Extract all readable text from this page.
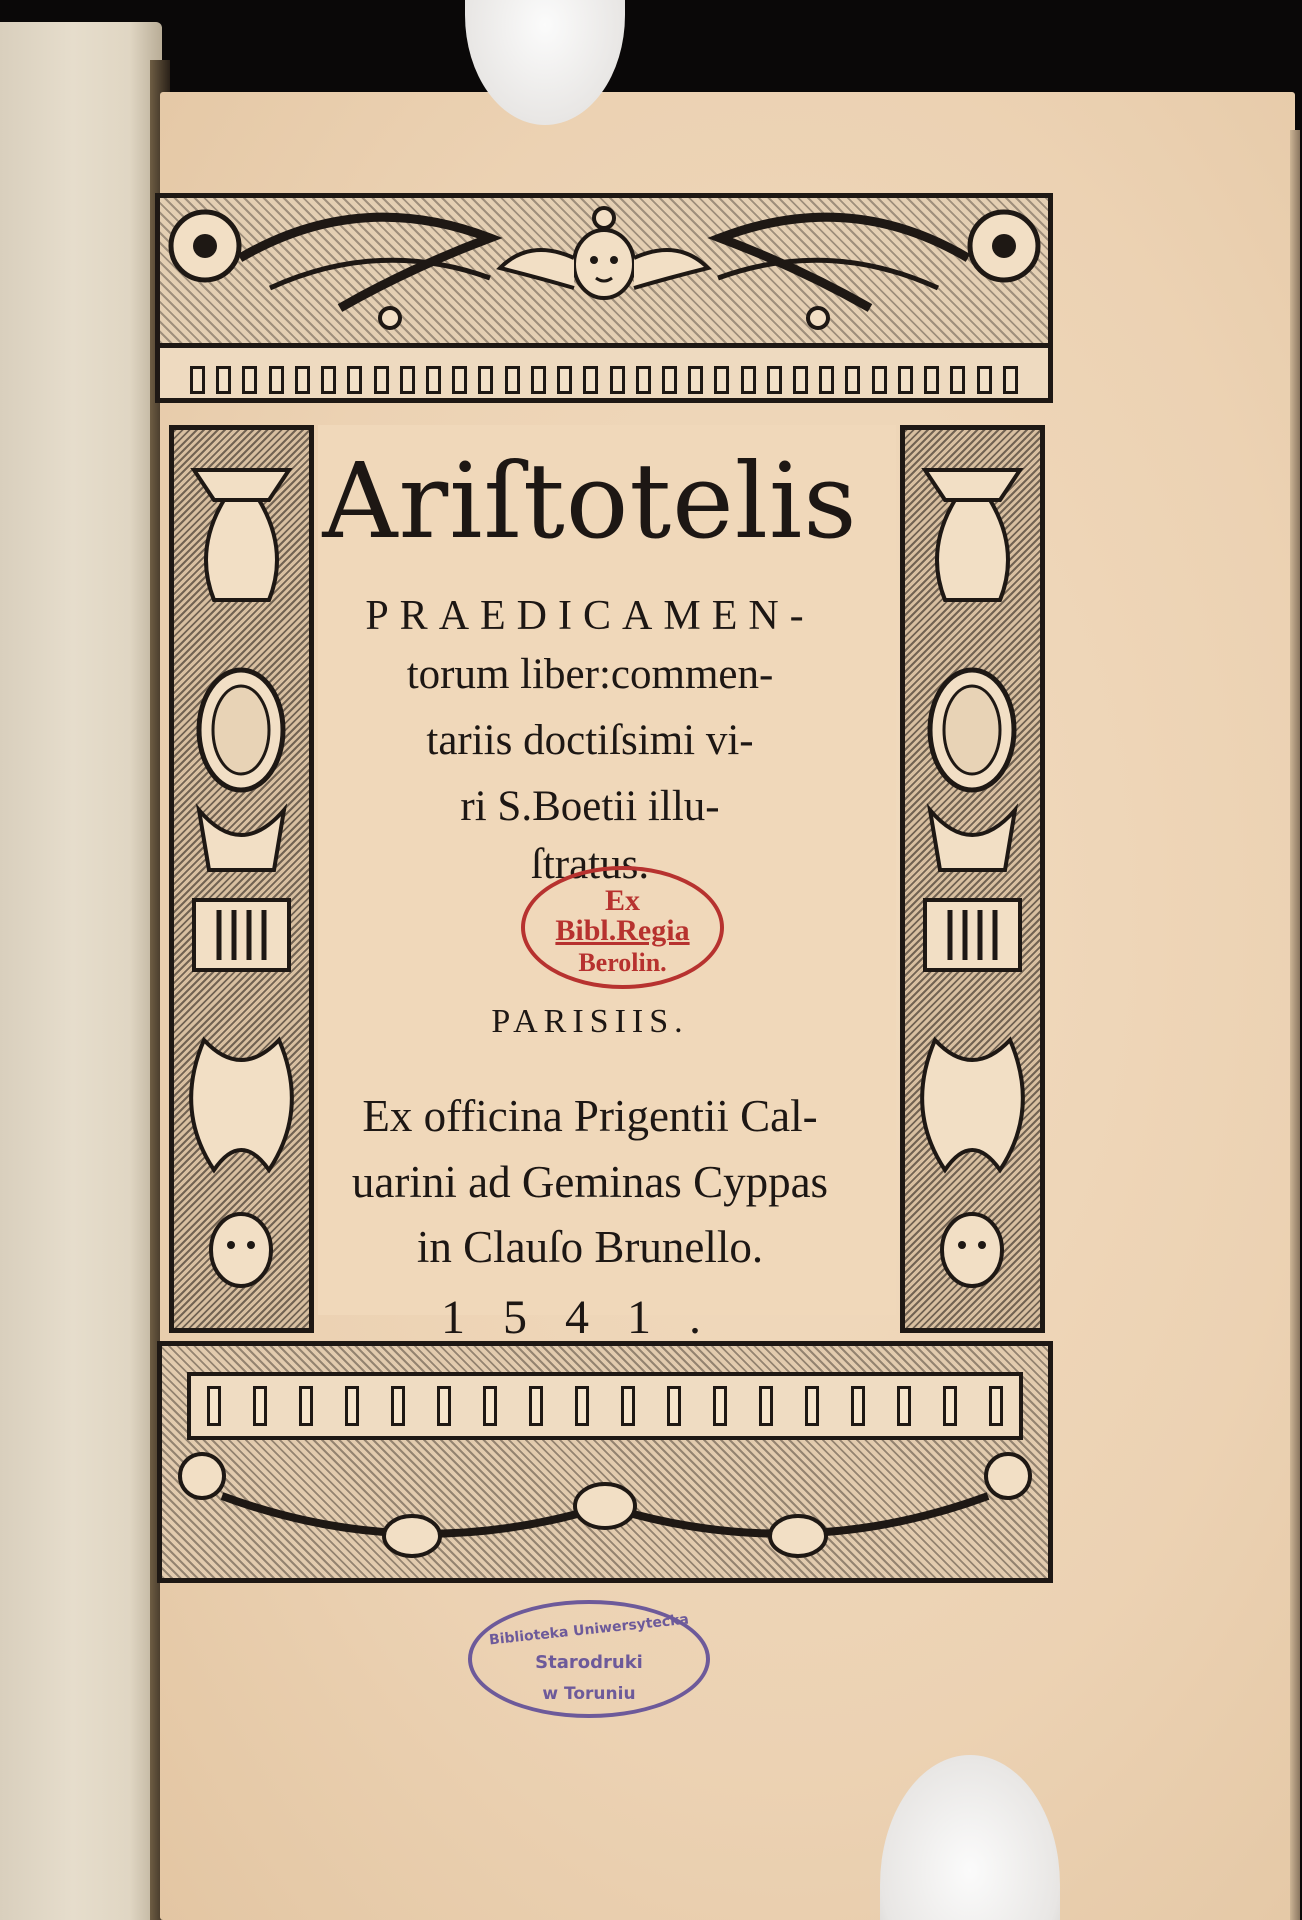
Ariſtotelis
PRAEDICAMEN-
torum liber:commen-
tariis doctiſsimi vi-
ri S.Boetii illu-
ſtratus.
PARISIIS.
Ex officina Prigentii Cal-
uarini ad Geminas Cyppas
in Clauſo Brunello.
1541.
Ex
Bibl.Regia
Berolin.
Biblioteka Uniwersytecka
Starodruki
w Toruniu
